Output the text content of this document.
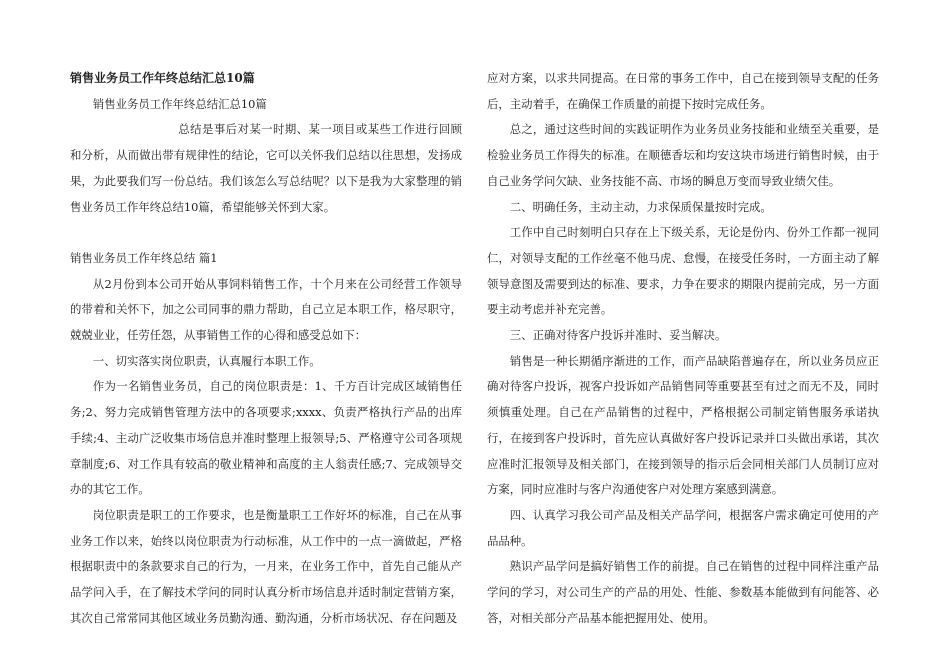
销售业务员工作年终总结汇总10篇

销售业务员工作年终总结汇总10篇

总结是事后对某一时期、某一项目或某些工作进行回顾和分析，从而做出带有规律性的结论，它可以关怀我们总结以往思想，发扬成果，为此要我们写一份总结。我们该怎么写总结呢？以下是我为大家整理的销售业务员工作年终总结10篇，希望能够关怀到大家。

销售业务员工作年终总结 篇1

从2月份到本公司开始从事饲料销售工作，十个月来在公司经营工作领导的带着和关怀下，加之公司同事的鼎力帮助，自己立足本职工作，格尽职守，兢兢业业，任劳任怨，从事销售工作的心得和感受总如下：

一、切实落实岗位职责，认真履行本职工作。

作为一名销售业务员，自己的岗位职责是：1、千方百计完成区域销售任务;2、努力完成销售管理方法中的各项要求;xxxx、负责严格执行产品的出库手续;4、主动广泛收集市场信息并准时整理上报领导;5、严格遵守公司各项规章制度;6、对工作具有较高的敬业精神和高度的主人翁责任感;7、完成领导交办的其它工作。

岗位职责是职工的工作要求，也是衡量职工工作好坏的标准，自己在从事业务工作以来，始终以岗位职责为行动标准，从工作中的一点一滴做起，严格根据职责中的条款要求自己的行为，一月来，在业务工作中，首先自己能从产品学问入手，在了解技术学问的同时认真分析市场信息并适时制定营销方案，其次自己常常同其他区域业务员勤沟通、勤沟通，分析市场状况、存在问题及

应对方案，以求共同提高。在日常的事务工作中，自己在接到领导支配的任务后，主动着手，在确保工作质量的前提下按时完成任务。

总之，通过这些时间的实践证明作为业务员业务技能和业绩至关重要，是检验业务员工作得失的标准。在顺德香坛和均安这块市场进行销售时候，由于自己业务学问欠缺、业务技能不高、市场的瞬息万变而导致业绩欠佳。

二、明确任务，主动主动，力求保质保量按时完成。

工作中自己时刻明白只存在上下级关系，无论是份内、份外工作都一视同仁，对领导支配的工作丝毫不他马虎、怠慢，在接受任务时，一方面主动了解领导意图及需要到达的标准、要求，力争在要求的期限内提前完成，另一方面要主动考虑并补充完善。

三、正确对待客户投诉并准时、妥当解决。

销售是一种长期循序渐进的工作，而产品缺陷普遍存在，所以业务员应正确对待客户投诉，视客户投诉如产品销售同等重要甚至有过之而无不及，同时须慎重处理。自己在产品销售的过程中，严格根据公司制定销售服务承诺执行，在接到客户投诉时，首先应认真做好客户投诉记录并口头做出承诺，其次应准时汇报领导及相关部门，在接到领导的指示后会同相关部门人员制订应对方案，同时应准时与客户沟通使客户对处理方案感到满意。

四、认真学习我公司产品及相关产品学问，根据客户需求确定可使用的产品品种。

熟识产品学问是搞好销售工作的前提。自己在销售的过程中同样注重产品学问的学习，对公司生产的产品的用处、性能、参数基本能做到有问能答、必答，对相关部分产品基本能把握用处、使用。
